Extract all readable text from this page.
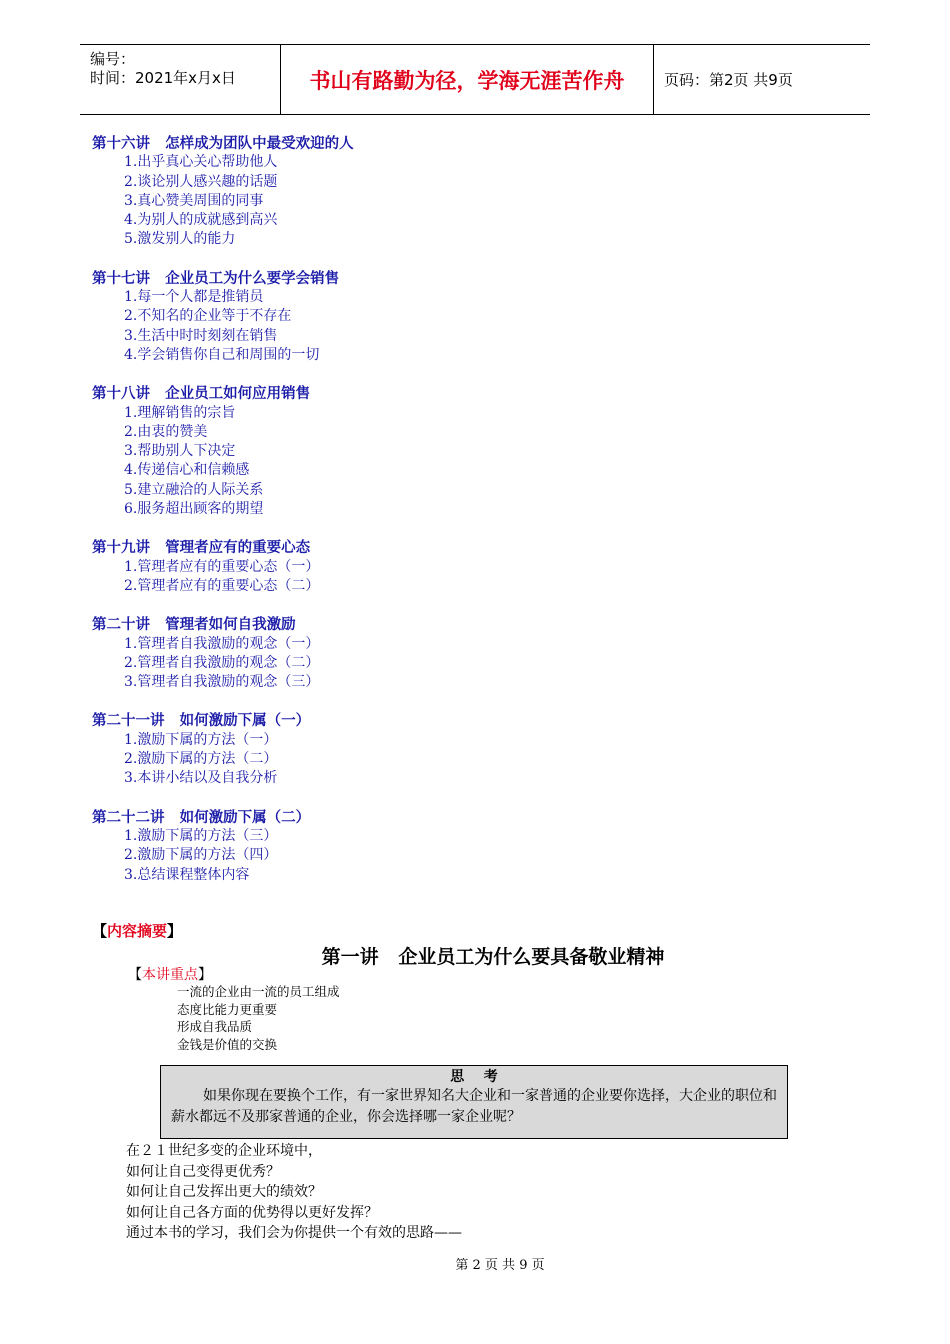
编号：
时间：2021年x月x日	书山有路勤为径，学海无涯苦作舟	页码：第2页 共9页
第十六讲   怎样成为团队中最受欢迎的人
1.出乎真心关心帮助他人
2.谈论别人感兴趣的话题
3.真心赞美周围的同事
4.为别人的成就感到高兴
5.激发别人的能力
第十七讲   企业员工为什么要学会销售
1.每一个人都是推销员
2.不知名的企业等于不存在
3.生活中时时刻刻在销售
4.学会销售你自己和周围的一切
第十八讲   企业员工如何应用销售
1.理解销售的宗旨
2.由衷的赞美
3.帮助别人下决定
4.传递信心和信赖感
5.建立融洽的人际关系
6.服务超出顾客的期望
第十九讲   管理者应有的重要心态
1.管理者应有的重要心态（一）
2.管理者应有的重要心态（二）
第二十讲   管理者如何自我激励
1.管理者自我激励的观念（一）
2.管理者自我激励的观念（二）
3.管理者自我激励的观念（三）
第二十一讲   如何激励下属（一）
1.激励下属的方法（一）
2.激励下属的方法（二）
3.本讲小结以及自我分析
第二十二讲   如何激励下属（二）
1.激励下属的方法（三）
2.激励下属的方法（四）
3.总结课程整体内容
【内容摘要】
第一讲   企业员工为什么要具备敬业精神
【本讲重点】
一流的企业由一流的员工组成
态度比能力更重要
形成自我品质
金钱是价值的交换
思    考
如果你现在要换个工作，有一家世界知名大企业和一家普通的企业要你选择，大企业的职位和薪水都远不及那家普通的企业，你会选择哪一家企业呢？
在２１世纪多变的企业环境中，
如何让自己变得更优秀？
如何让自己发挥出更大的绩效？
如何让自己各方面的优势得以更好发挥？
通过本书的学习，我们会为你提供一个有效的思路——
第 2 页 共 9 页
